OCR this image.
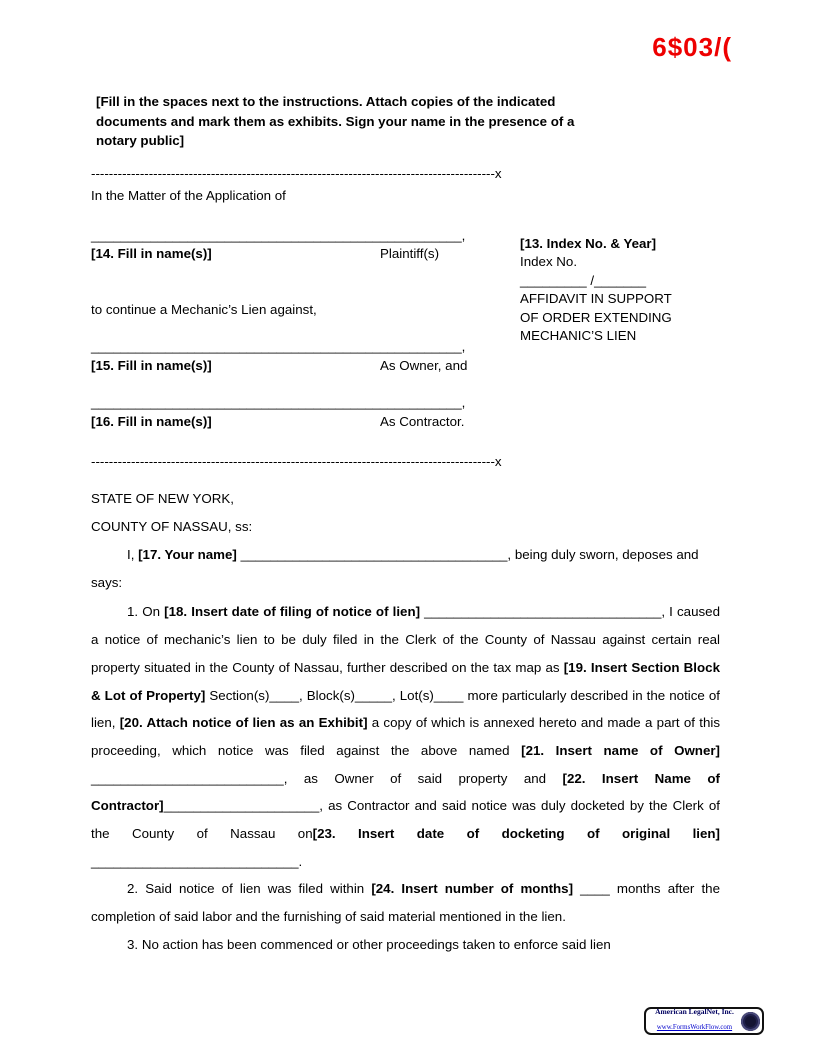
6$03/(
[Fill in the spaces next to the instructions. Attach copies of the indicated
documents and mark them as exhibits. Sign your name in the presence of a
notary public]
-------------------------------------------------------------------------------------------x
In the Matter of the Application of
__________________________________________________,
[14. Fill in name(s)]	Plaintiff(s)
to continue a Mechanic’s Lien against,
__________________________________________________,
[15. Fill in name(s)]	As Owner, and
__________________________________________________,
[16. Fill in name(s)]	As Contractor.
[13. Index No. & Year]
Index No.
_________ /_______
AFFIDAVIT IN SUPPORT
OF ORDER EXTENDING
MECHANIC’S LIEN
-------------------------------------------------------------------------------------------x
STATE OF NEW YORK,
COUNTY OF NASSAU, ss:

I, [17. Your name] ____________________________________, being duly sworn, deposes and says:

1. On [18. Insert date of filing of notice of lien] ________________________________, I caused a notice of mechanic’s lien to be duly filed in the Clerk of the County of Nassau against certain real property situated in the County of Nassau, further described on the tax map as [19. Insert Section Block & Lot of Property] Section(s)____, Block(s)_____, Lot(s)____ more particularly described in the notice of lien, [20. Attach notice of lien as an Exhibit] a copy of which is annexed hereto and made a part of this proceeding, which notice was filed against the above named [21. Insert name of Owner] __________________________, as Owner of said property and [22. Insert Name of Contractor]_____________________, as Contractor and said notice was duly docketed by the Clerk of the County of Nassau on[23. Insert date of docketing of original lien] ____________________________.

2. Said notice of lien was filed within [24. Insert number of months] ____ months after the completion of said labor and the furnishing of said material mentioned in the lien.

3. No action has been commenced or other proceedings taken to enforce said lien

American LegalNet, Inc.
www.FormsWorkFlow.com
